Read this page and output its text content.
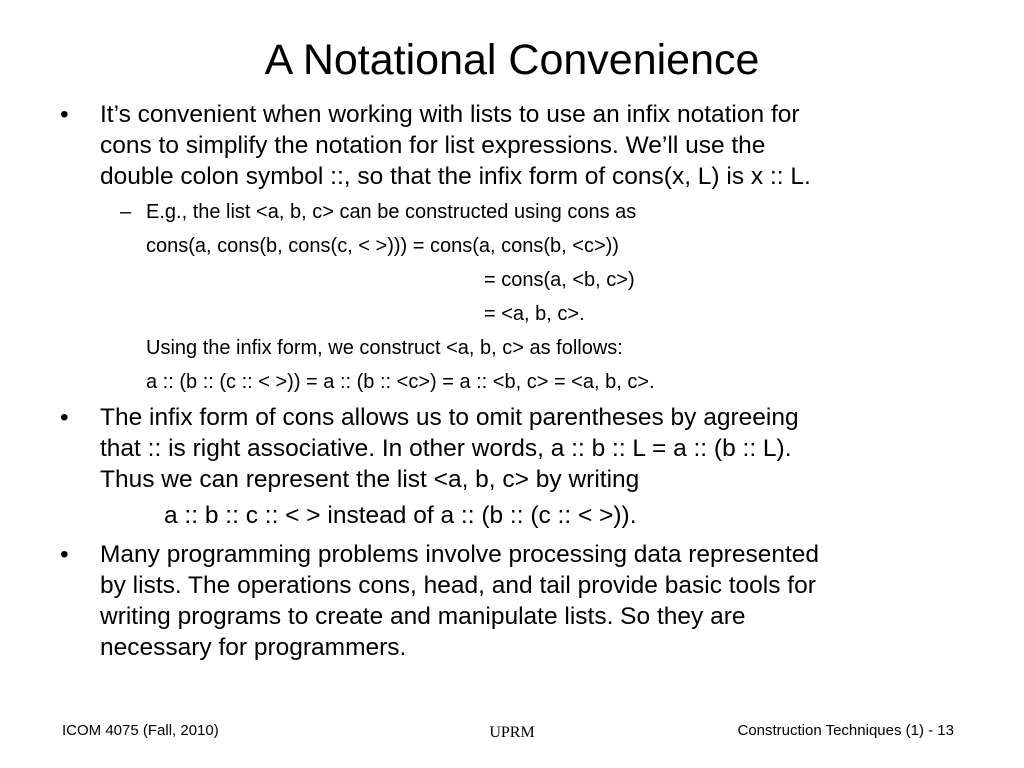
A Notational Convenience
• It’s convenient when working with lists to use an infix notation for
cons to simplify the notation for list expressions. We’ll use the
double colon symbol ::, so that the infix form of cons(x, L) is x :: L.
– E.g., the list <a, b, c> can be constructed using cons as
cons(a, cons(b, cons(c, < >))) = cons(a, cons(b, <c>))
= cons(a, <b, c>)
= <a, b, c>.
Using the infix form, we construct <a, b, c> as follows:
a :: (b :: (c :: < >)) = a :: (b :: <c>) = a :: <b, c> = <a, b, c>.
• The infix form of cons allows us to omit parentheses by agreeing
that :: is right associative. In other words, a :: b :: L = a :: (b :: L).
Thus we can represent the list <a, b, c> by writing
a :: b :: c :: < > instead of a :: (b :: (c :: < >)).
• Many programming problems involve processing data represented
by lists. The operations cons, head, and tail provide basic tools for
writing programs to create and manipulate lists. So they are
necessary for programmers.
ICOM 4075 (Fall, 2010)	UPRM	Construction Techniques (1) - 13
